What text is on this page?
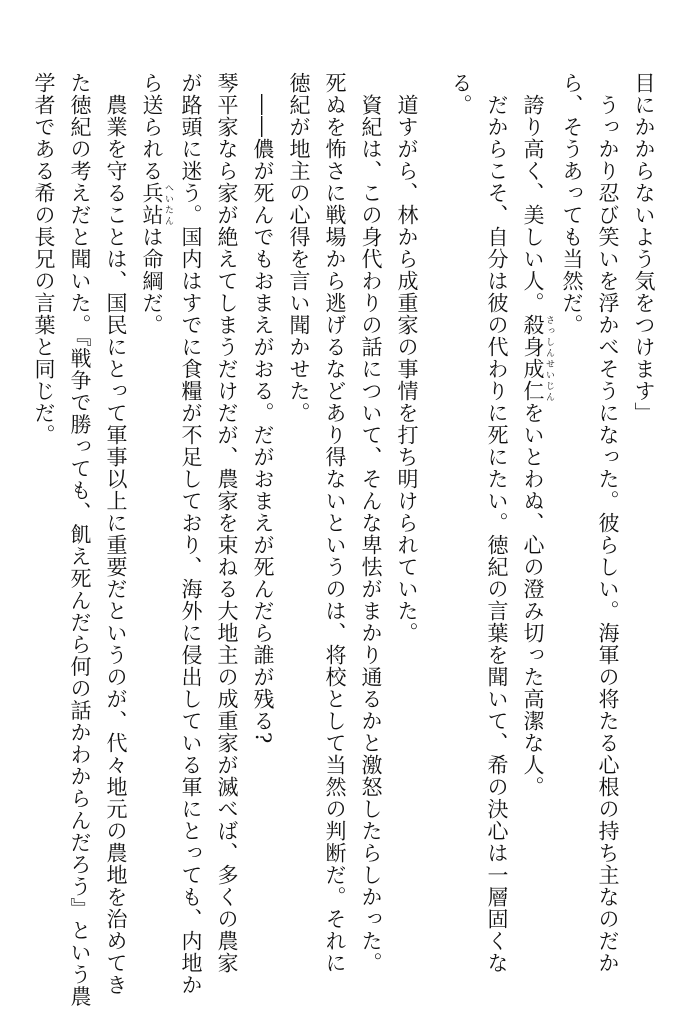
目にかからないよう気をつけます」
うっかり忍び笑いを浮かべそうになった。彼らしい。海軍の将たる心根の持ち主なのだか
ら、そうあっても当然だ。
誇り高く、美しい人。殺身成仁 さっしんせいじんをいとわぬ、心の澄み切った高潔な人。
だからこそ、自分は彼の代わりに死にたい。徳紀の言葉を聞いて、希の決心は一層固くな
る。
道すがら、林から成重家の事情を打ち明けられていた。
資紀は、この身代わりの話について、そんな卑怯がまかり通るかと激怒したらしかった。
死ぬを怖さに戦場から逃げるなどあり得ないというのは、将校として当然の判断だ。それに
徳紀が地主の心得を言い聞かせた。
――儂が死んでもおまえがおる。だがおまえが死んだら誰が残る?
琴平家なら家が絶えてしまうだけだが、農家を束ねる大地主の成重家が滅べば、多くの農家
が路頭に迷う。国内はすでに食糧が不足しており、海外に侵出している軍にとっても、内地か
ら送られる兵站 へいたんは命綱だ。
農業を守ることは、国民にとって軍事以上に重要だというのが、代々地元の農地を治めてき
た徳紀の考えだと聞いた。『戦争で勝っても、飢え死んだら何の話かわからんだろう』という農
学者である希の長兄の言葉と同じだ。
